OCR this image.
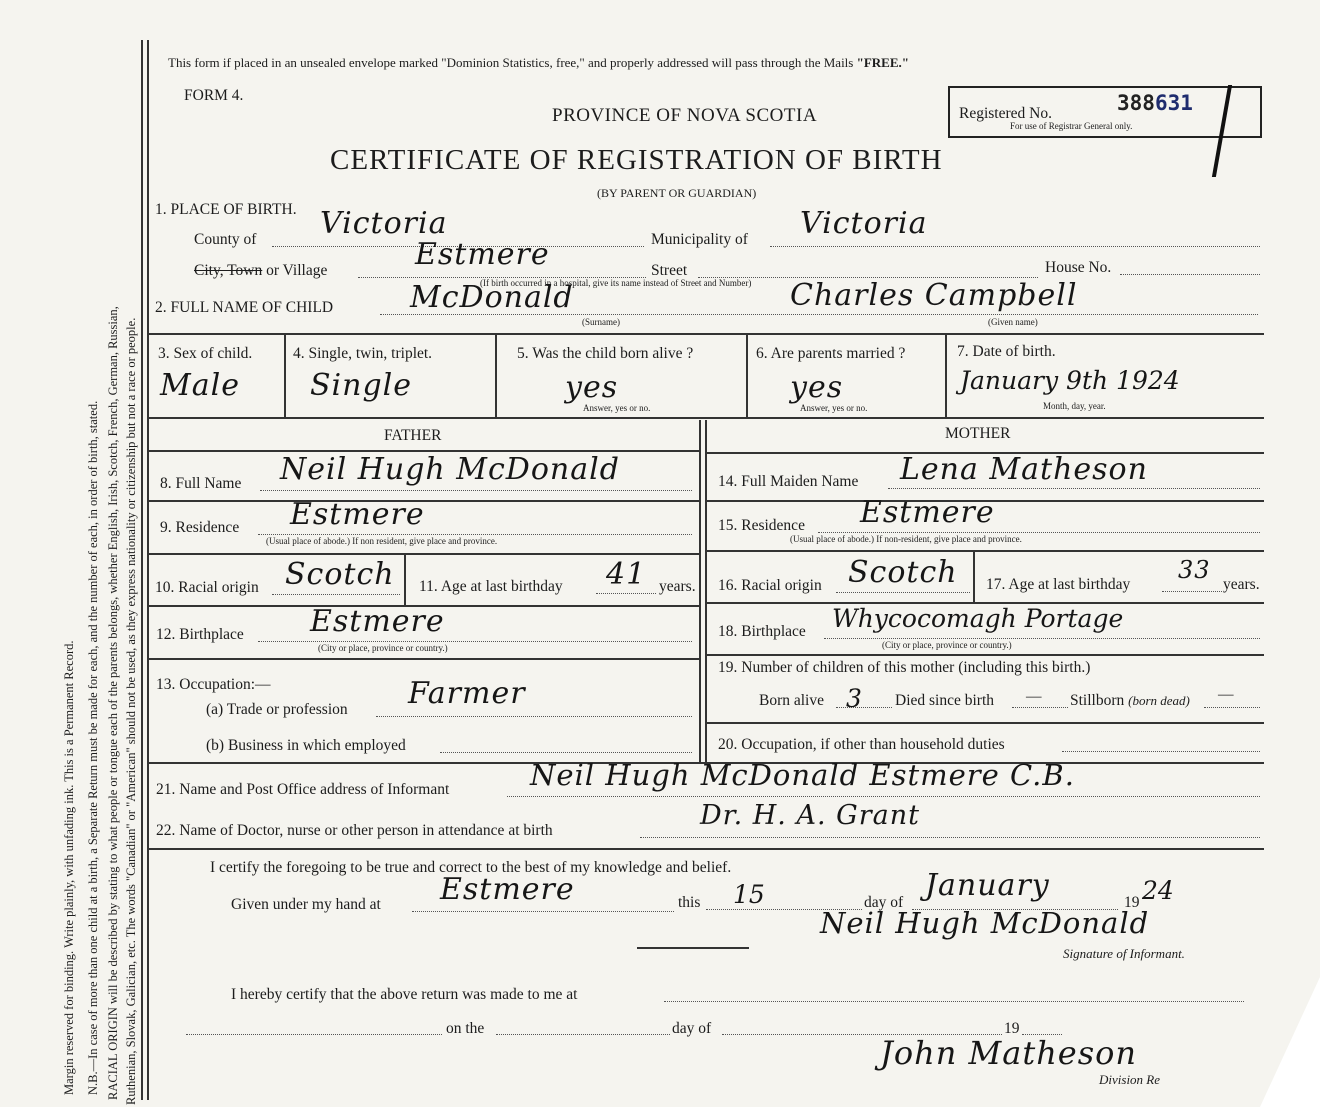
Margin reserved for binding. Write plainly, with unfading ink. This is a Permanent Record. N.B.—In case of more than one child at a birth, a Separate Return must be made for each, and the number of each, in order of birth, stated. RACIAL ORIGIN will be described by stating to what people or tongue each of the parents belongs, whether English, Irish, Scotch, French, German, Russian, Ruthenian, Slovak, Galician, etc. The words "Canadian" or "American" should not be used, as they express nationality or citizenship but not a race or people.
This form if placed in an unsealed envelope marked "Dominion Statistics, free," and properly addressed will pass through the Mails "FREE."
FORM 4.
PROVINCE OF NOVA SCOTIA
CERTIFICATE OF REGISTRATION OF BIRTH
(BY PARENT OR GUARDIAN)
Registered No.	388631
For use of Registrar General only.
1. PLACE OF BIRTH.
County of Victoria	Municipality of Victoria
City, Town or Village	Estmere	Street
(If birth occurred in a hospital, give its name instead of Street and Number)
House No.
2. FULL NAME OF CHILD	McDonald
(Surname)
Charles Campbell
(Given name)
3. Sex of child.
Male
4. Single, twin, triplet.
Single
5. Was the child born alive ?
yes
Answer, yes or no.
6. Are parents married ?
yes
Answer, yes or no.
7. Date of birth.
January 9th 1924
Month, day, year.
FATHER	MOTHER
8. Full Name Neil Hugh McDonald
9. Residence Estmere
(Usual place of abode.) If non resident, give place and province.
10. Racial origin Scotch 11. Age at last birthday 41 years.
12. Birthplace Estmere
(City or place, province or country.)
13. Occupation:—
(a) Trade or profession Farmer
(b) Business in which employed
14. Full Maiden Name Lena Matheson
15. Residence Estmere
(Usual place of abode.) If non-resident, give place and province.
16. Racial origin Scotch 17. Age at last birthday
33
years.
18. Birthplace Whycocomagh Portage
(City or place, province or country.)
19. Number of children of this mother (including this birth.)
Born alive 3 Died since birth — Stillborn (born dead) —
20. Occupation, if other than household duties
21. Name and Post Office address of Informant	Neil Hugh McDonald Estmere C.B.
22. Name of Doctor, nurse or other person in attendance at birth	Dr. H. A. Grant
I certify the foregoing to be true and correct to the best of my knowledge and belief.
Given under my hand at Estmere	this 15	day of January	19 24
Neil Hugh McDonald
Signature of Informant.
I hereby certify that the above return was made to me at
on the	day of	19
John Matheson
Division Re
